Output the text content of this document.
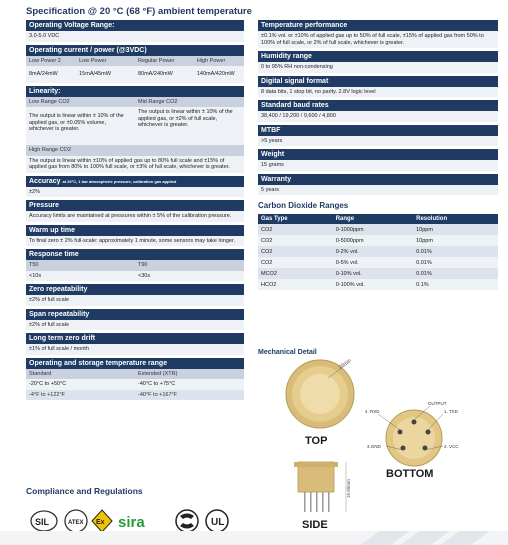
Specification @ 20 °C (68 °F) ambient temperature
Operating Voltage Range:
3.0-5.0 VDC
Operating current / power (@3VDC)
Low Power 2	Low Power	Regular Power	High Power
8mA/24mW	15mA/45mW	80mA/240mW	140mA/420mW
Linearity:
Low Range CO2	Mid Range CO2
The output is linear within ± 10% of the applied gas, or ±0.05% volume, whichever is greater.
The output is linear within ± 10% of the applied gas, or ±2% of full scale, whichever is greater.
High Range CO2
The output is linear within ±10% of applied gas up to 80% full scale and ±15% of applied gas from 80% to 100% full scale, or ±3% of full scale, whichever is greater.
Accuracy at 20°C, 1 bar atmospheric pressure, calibration gas applied
±2%
Pressure
Accuracy limits are maintained at pressures within ± 5% of the calibration pressure.
Warm up time
To final zero ± 2% full-scale: approximately 1 minute, some sensors may take longer.
Response time
T50	T90
<10s	<30s
Zero repeatability
±2% of full scale
Span repeatability
±2% of full scale
Long term zero drift
±1% of full scale / month
Operating and storage temperature range
Standard	Extended (XTR)
-20°C to +50°C	-40°C to +75°C
-4°F to +122°F	-40°F to +167°F
Temperature performance
±0.1% vol. or ±10% of applied gas up to 50% of full scale, ±15% of applied gas from 50% to 100% of full scale, or 2% of full scale, whichever is greater.
Humidity range
0 to 95% RH non-condensing
Digital signal format
8 data bits, 1 stop bit, no parity. 2.8V logic level
Standard baud rates
38,400 / 19,200 / 9,600 / 4,800
MTBF
>5 years
Weight
15 grams
Warranty
5 years
Carbon Dioxide Ranges
Gas Type	Range	Resolution
CO2	0-1000ppm	10ppm
CO2	0-5000ppm	10ppm
CO2	0-2% vol.	0.01%
CO2	0-5% vol.	0.01%
MCO2	0-10% vol.	0.01%
HCO2	0-100% vol.	0.1%
Mechanical Detail
20mm
TOP
OUTPUT
4. RXD	1. TXD
3.GND	2. VCC
BOTTOM
16.60mm
SIDE
Compliance and Regulations
SIL	ATEX Ex sira	UL
